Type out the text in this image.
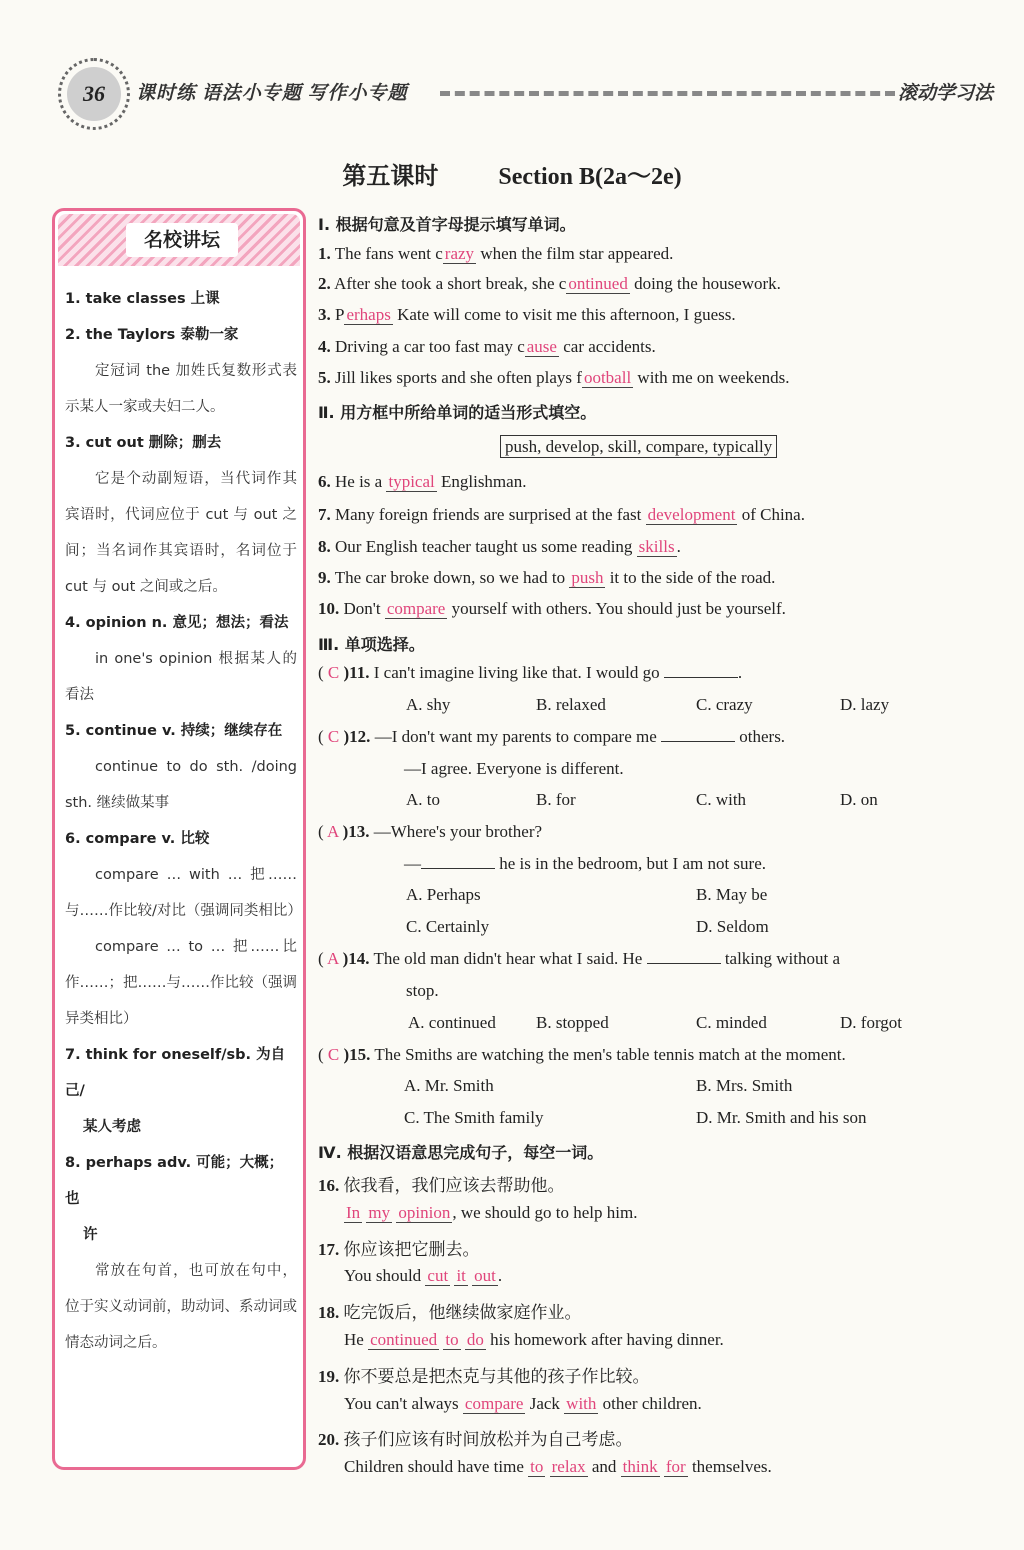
36	课时练 语法小专题 写作小专题	滚动学习法
第五课时	Section B(2a～2e)
名校讲坛
1. take classes 上课
2. the Taylors 泰勒一家
定冠词 the 加姓氏复数形式表示某人一家或夫妇二人。
3. cut out 删除；删去
它是个动副短语，当代词作其宾语时，代词应位于 cut 与 out 之间；当名词作其宾语时，名词位于 cut 与 out 之间或之后。
4. opinion n. 意见；想法；看法
in one's opinion 根据某人的看法
5. continue v. 持续；继续存在
continue to do sth. /doing sth. 继续做某事
6. compare v. 比较
compare … with … 把……与……作比较/对比（强调同类相比）
compare … to … 把……比作……；把……与……作比较（强调异类相比）
7. think for oneself/sb. 为自己/
某人考虑
8. perhaps adv. 可能；大概；也
许
常放在句首，也可放在句中，位于实义动词前，助动词、系动词或情态动词之后。
Ⅰ. 根据句意及首字母提示填写单词。
1. The fans went c razy when the film star appeared.
2. After she took a short break, she c ontinued doing the housework.
3. P erhaps Kate will come to visit me this afternoon, I guess.
4. Driving a car too fast may c ause car accidents.
5. Jill likes sports and she often plays f ootball with me on weekends.
Ⅱ. 用方框中所给单词的适当形式填空。
push, develop, skill, compare, typically
6. He is a typical Englishman.
7. Many foreign friends are surprised at the fast development of China.
8. Our English teacher taught us some reading skills .
9. The car broke down, so we had to push it to the side of the road.
10. Don't compare yourself with others. You should just be yourself.
Ⅲ. 单项选择。
( C )11. I can't imagine living like that. I would go	.
A. shy	B. relaxed	C. crazy	D. lazy
( C )12. —I don't want my parents to compare me	others.
—I agree. Everyone is different.
A. to	B. for	C. with	D. on
( A )13. —Where's your brother?
—	he is in the bedroom, but I am not sure.
A. Perhaps	B. May be
C. Certainly	D. Seldom
( A )14. The old man didn't hear what I said. He	talking without a
stop.
A. continued B. stopped	C. minded	D. forgot
( C )15. The Smiths are watching the men's table tennis match at the moment.
A. Mr. Smith	B. Mrs. Smith
C. The Smith family	D. Mr. Smith and his son
Ⅳ. 根据汉语意思完成句子，每空一词。
16. 依我看，我们应该去帮助他。
In my opinion , we should go to help him.
17. 你应该把它删去。
You should cut it out .
18. 吃完饭后，他继续做家庭作业。
He continued to do his homework after having dinner.
19. 你不要总是把杰克与其他的孩子作比较。
You can't always compare Jack with other children.
20. 孩子们应该有时间放松并为自己考虑。
Children should have time to relax and think for themselves.
